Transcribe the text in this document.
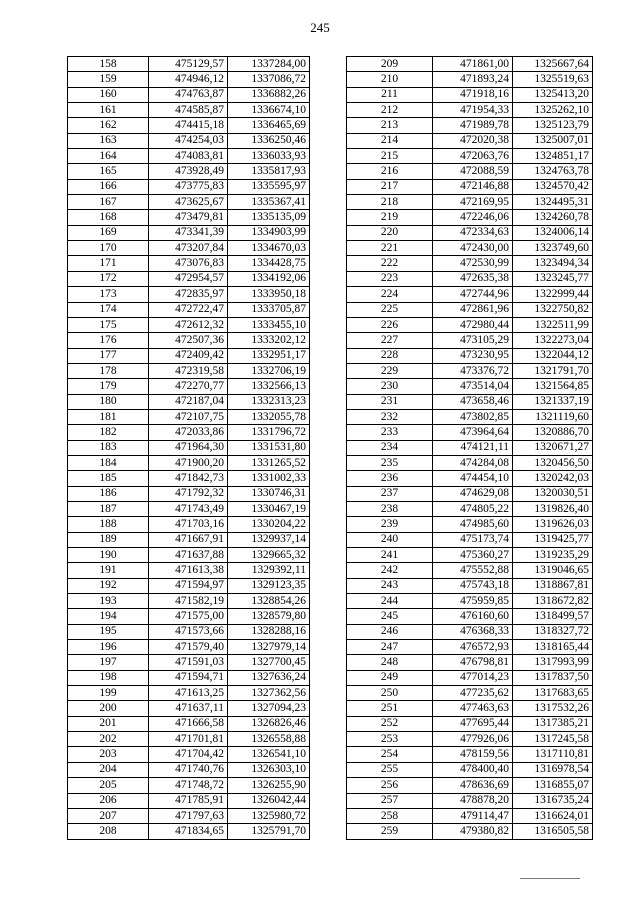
245
158	475129,57	1337284,00
159	474946,12	1337086,72
160	474763,87	1336882,26
161	474585,87	1336674,10
162	474415,18	1336465,69
163	474254,03	1336250,46
164	474083,81	1336033,93
165	473928,49	1335817,93
166	473775,83	1335595,97
167	473625,67	1335367,41
168	473479,81	1335135,09
169	473341,39	1334903,99
170	473207,84	1334670,03
171	473076,83	1334428,75
172	472954,57	1334192,06
173	472835,97	1333950,18
174	472722,47	1333705,87
175	472612,32	1333455,10
176	472507,36	1333202,12
177	472409,42	1332951,17
178	472319,58	1332706,19
179	472270,77	1332566,13
180	472187,04	1332313,23
181	472107,75	1332055,78
182	472033,86	1331796,72
183	471964,30	1331531,80
184	471900,20	1331265,52
185	471842,73	1331002,33
186	471792,32	1330746,31
187	471743,49	1330467,19
188	471703,16	1330204,22
189	471667,91	1329937,14
190	471637,88	1329665,32
191	471613,38	1329392,11
192	471594,97	1329123,35
193	471582,19	1328854,26
194	471575,00	1328579,80
195	471573,66	1328288,16
196	471579,40	1327979,14
197	471591,03	1327700,45
198	471594,71	1327636,24
199	471613,25	1327362,56
200	471637,11	1327094,23
201	471666,58	1326826,46
202	471701,81	1326558,88
203	471704,42	1326541,10
204	471740,76	1326303,10
205	471748,72	1326255,90
206	471785,91	1326042,44
207	471797,63	1325980,72
208	471834,65	1325791,70
209	471861,00	1325667,64
210	471893,24	1325519,63
211	471918,16	1325413,20
212	471954,33	1325262,10
213	471989,78	1325123,79
214	472020,38	1325007,01
215	472063,76	1324851,17
216	472088,59	1324763,78
217	472146,88	1324570,42
218	472169,95	1324495,31
219	472246,06	1324260,78
220	472334,63	1324006,14
221	472430,00	1323749,60
222	472530,99	1323494,34
223	472635,38	1323245,77
224	472744,96	1322999,44
225	472861,96	1322750,82
226	472980,44	1322511,99
227	473105,29	1322273,04
228	473230,95	1322044,12
229	473376,72	1321791,70
230	473514,04	1321564,85
231	473658,46	1321337,19
232	473802,85	1321119,60
233	473964,64	1320886,70
234	474121,11	1320671,27
235	474284,08	1320456,50
236	474454,10	1320242,03
237	474629,08	1320030,51
238	474805,22	1319826,40
239	474985,60	1319626,03
240	475173,74	1319425,77
241	475360,27	1319235,29
242	475552,88	1319046,65
243	475743,18	1318867,81
244	475959,85	1318672,82
245	476160,60	1318499,57
246	476368,33	1318327,72
247	476572,93	1318165,44
248	476798,81	1317993,99
249	477014,23	1317837,50
250	477235,62	1317683,65
251	477463,63	1317532,26
252	477695,44	1317385,21
253	477926,06	1317245,58
254	478159,56	1317110,81
255	478400,40	1316978,54
256	478636,69	1316855,07
257	478878,20	1316735,24
258	479114,47	1316624,01
259	479380,82	1316505,58
